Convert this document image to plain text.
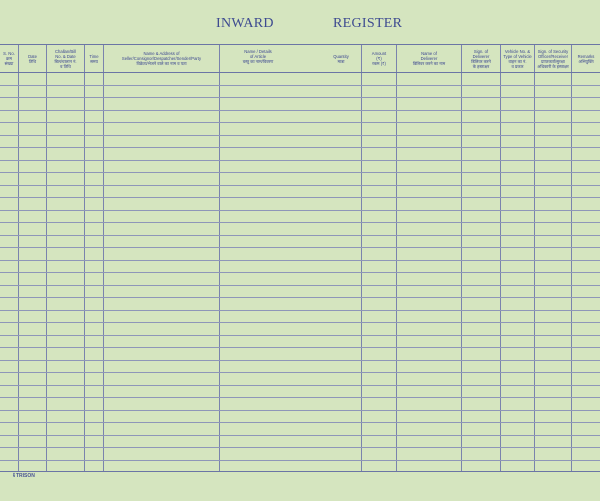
INWARD	REGISTER
S. No.
क्रम
संख्या
Date
तिथि
Challan/Bill
No. & Date
बिल/चालान नं.
व तिथि
Time
समय
Name & Address of
Seller/Consignor/Despatcher/Sender/Party
विक्रेता/भेजने वाले का नाम व पता
Name / Details
of Article
वस्तु का नाम/विवरण
Quantity
मात्रा
Amount
(₹)
रकम (₹)
Name of
Deliverer
डिलिवर करने का नाम
Sign. of
Deliverer
डिलिवर करने
के हस्ताक्षर
Vehicle No. &
Type of Vehicle
वाहन का नं.
व प्रकार
Sign. of Security
Officer/Receiver
प्राप्तकर्ता/सुरक्षा
अधिकारी के हस्ताक्षर
Remarks
अभियुक्ति
ŧ TRISON
